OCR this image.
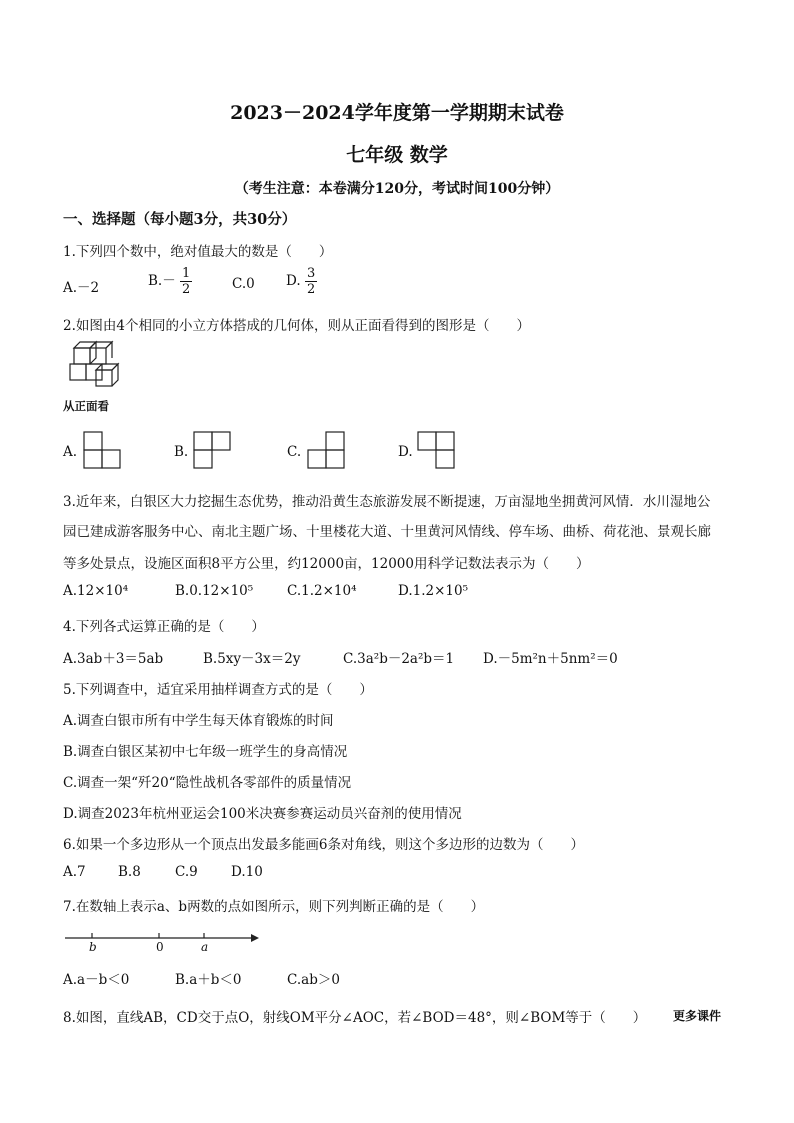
2023－2024学年度第一学期期末试卷
七年级 数学
（考生注意：本卷满分120分，考试时间100分钟）
一、选择题（每小题3分，共30分）
1.下列四个数中，绝对值最大的数是（　　）
A.－2	$B.- \frac{1}{2}$	C.0 D. $\frac{3}{2}$
2.如图由4个相同的小立方体搭成的几何体，则从正面看得到的图形是（　　）
从正面看
A.	B.	C.	D.
3.近年来，白银区大力挖掘生态优势，推动沿黄生态旅游发展不断提速，万亩湿地坐拥黄河风情．水川湿地公
园已建成游客服务中心、南北主题广场、十里楼花大道、十里黄河风情线、停车场、曲桥、荷花池、景观长廊
等多处景点，设施区面积8平方公里，约12000亩，12000用科学记数法表示为（　　）
A.12×10⁴	B.0.12×10⁵	C.1.2×10⁴	D.1.2×10⁵
4.下列各式运算正确的是（　　）
A.3ab＋3＝5ab	B.5xy－3x＝2y	C.3a²b－2a²b＝1 D.－5m²n＋5nm²＝0
5.下列调查中，适宜采用抽样调查方式的是（　　）
A.调查白银市所有中学生每天体育锻炼的时间
B.调查白银区某初中七年级一班学生的身高情况
C.调查一架“歼20“隐性战机各零部件的质量情况
D.调查2023年杭州亚运会100米决赛参赛运动员兴奋剂的使用情况
6.如果一个多边形从一个顶点出发最多能画6条对角线，则这个多边形的边数为（　　）
A.7 B.8	C.9 D.10
7.在数轴上表示a、b两数的点如图所示，则下列判断正确的是（　　）
b	0	a
A.a－b＜0	B.a＋b＜0	C.ab＞0
8.如图，直线AB，CD交于点O，射线OM平分∠AOC，若∠BOD＝48°，则∠BOM等于（　　） 更多课件
